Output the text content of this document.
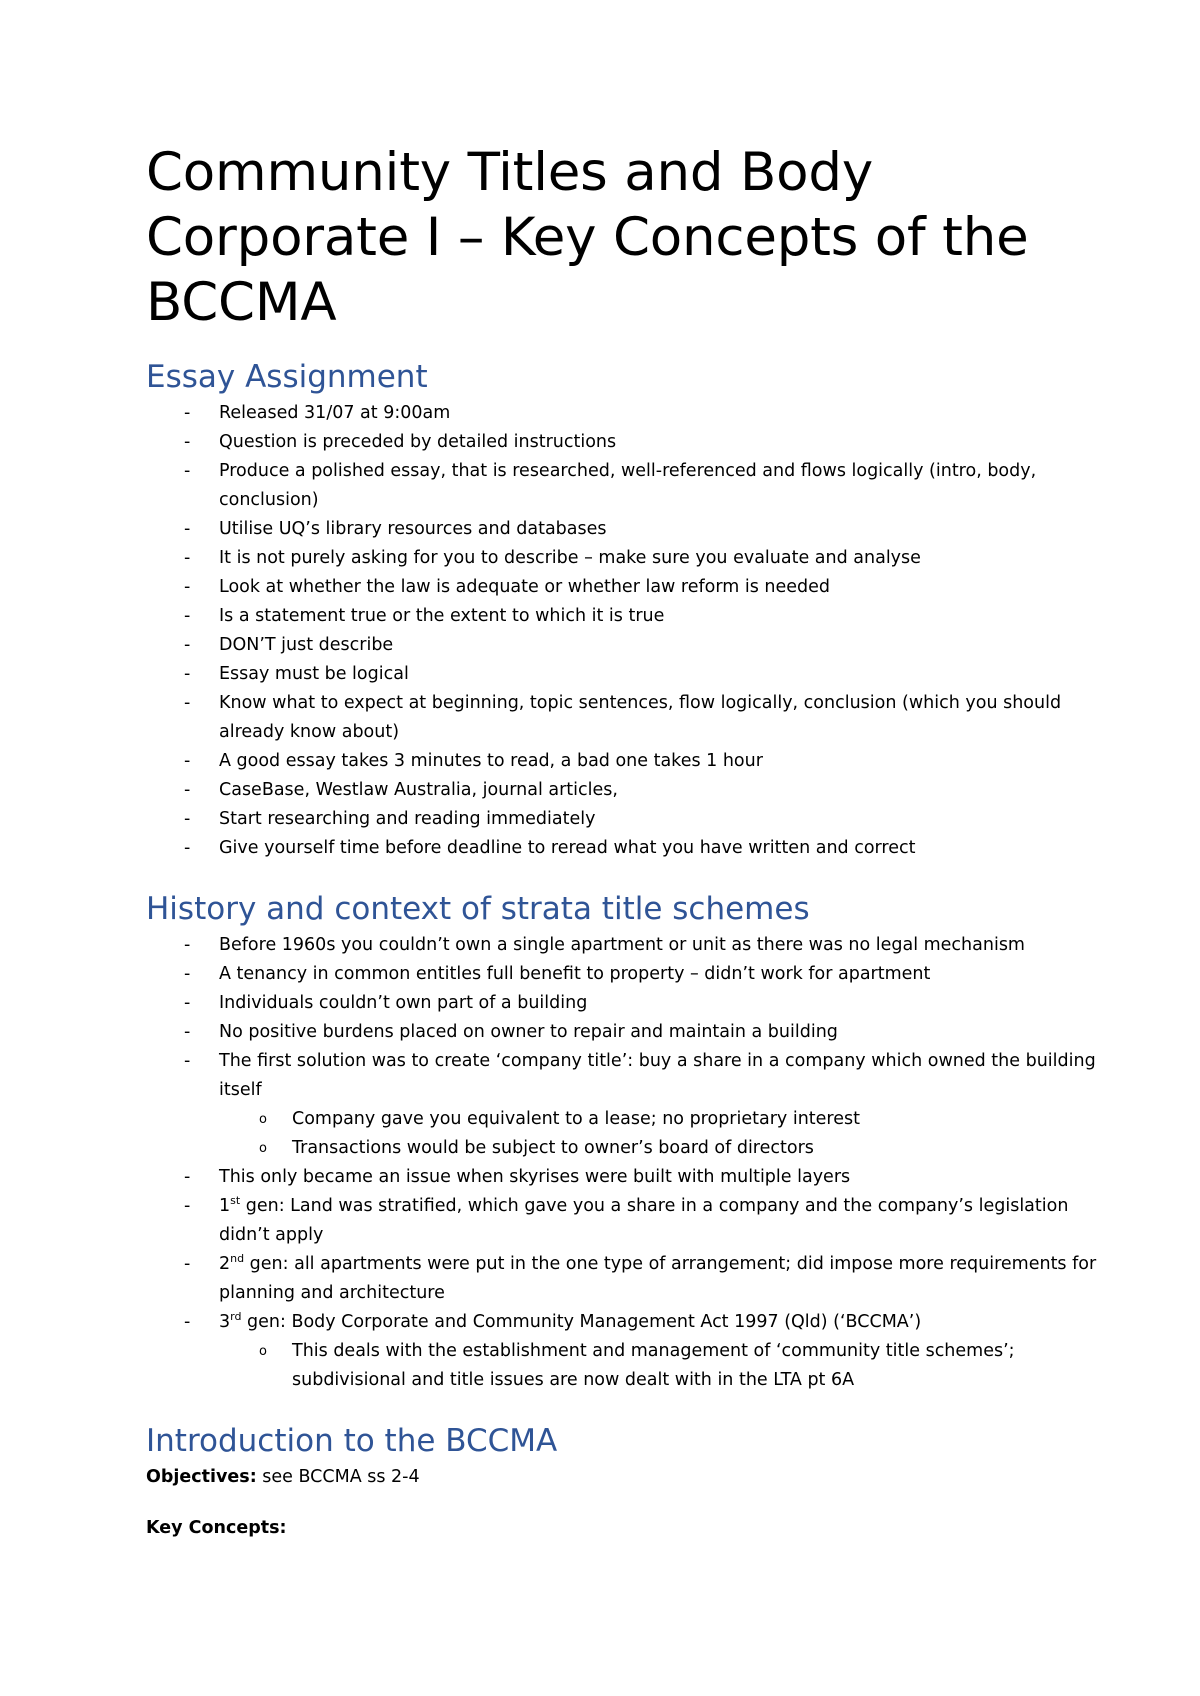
Community Titles and Body Corporate I – Key Concepts of the BCCMA
Essay Assignment
- Released 31/07 at 9:00am
- Question is preceded by detailed instructions
- Produce a polished essay, that is researched, well-referenced and flows logically (intro, body, conclusion)
- Utilise UQ’s library resources and databases
- It is not purely asking for you to describe – make sure you evaluate and analyse
- Look at whether the law is adequate or whether law reform is needed
- Is a statement true or the extent to which it is true
- DON’T just describe
- Essay must be logical
- Know what to expect at beginning, topic sentences, flow logically, conclusion (which you should already know about)
- A good essay takes 3 minutes to read, a bad one takes 1 hour
- CaseBase, Westlaw Australia, journal articles,
- Start researching and reading immediately
- Give yourself time before deadline to reread what you have written and correct
History and context of strata title schemes
- Before 1960s you couldn’t own a single apartment or unit as there was no legal mechanism
- A tenancy in common entitles full benefit to property – didn’t work for apartment
- Individuals couldn’t own part of a building
- No positive burdens placed on owner to repair and maintain a building
- The first solution was to create ‘company title’: buy a share in a company which owned the building itself
o Company gave you equivalent to a lease; no proprietary interest
o Transactions would be subject to owner’s board of directors
- This only became an issue when skyrises were built with multiple layers
- 1st gen: Land was stratified, which gave you a share in a company and the company’s legislation didn’t apply
- 2nd gen: all apartments were put in the one type of arrangement; did impose more requirements for planning and architecture
- 3rd gen: Body Corporate and Community Management Act 1997 (Qld) (‘BCCMA’)
o This deals with the establishment and management of ‘community title schemes’; subdivisional and title issues are now dealt with in the LTA pt 6A
Introduction to the BCCMA

Objectives: see BCCMA ss 2-4

Key Concepts:
